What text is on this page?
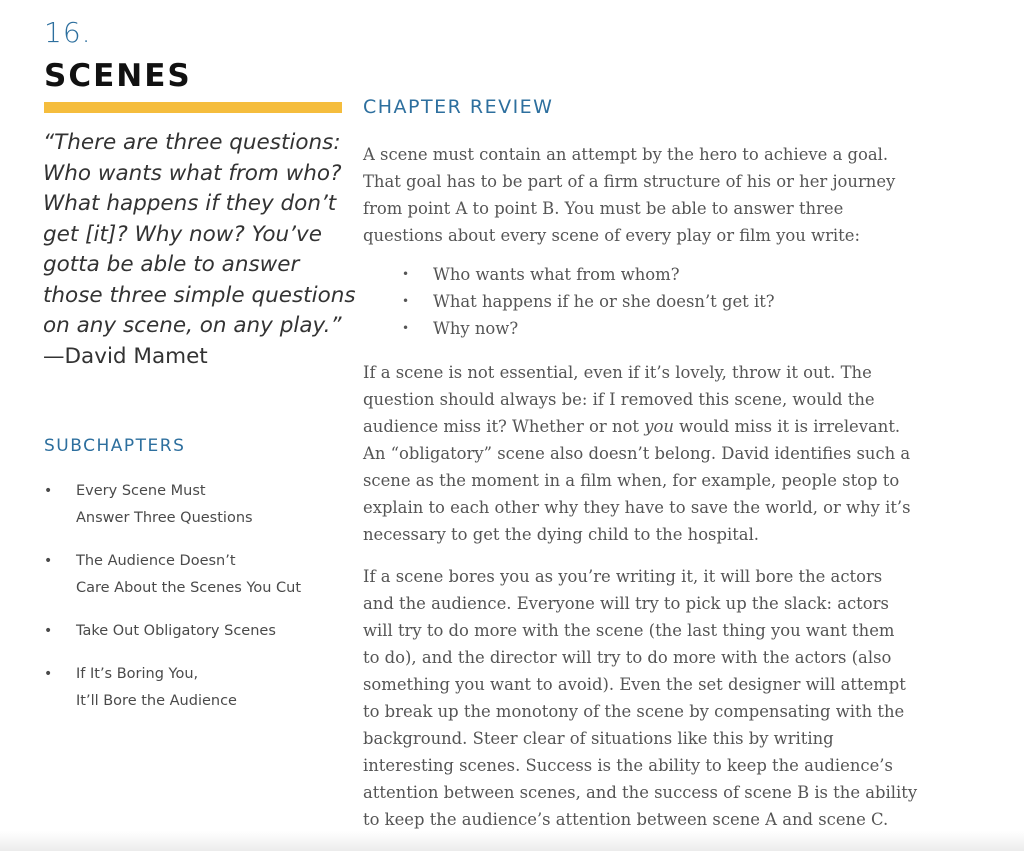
16.
SCENES
“There are three questions:
Who wants what from who?
What happens if they don’t
get [it]? Why now? You’ve
gotta be able to answer
those three simple questions
on any scene, on any play.”
—David Mamet
SUBCHAPTERS
• Every Scene Must
Answer Three Questions
• The Audience Doesn’t
Care About the Scenes You Cut
• Take Out Obligatory Scenes
• If It’s Boring You,
It’ll Bore the Audience
CHAPTER REVIEW
A scene must contain an attempt by the hero to achieve a goal.
That goal has to be part of a firm structure of his or her journey
from point A to point B. You must be able to answer three
questions about every scene of every play or film you write:
• Who wants what from whom?
• What happens if he or she doesn’t get it?
• Why now?
If a scene is not essential, even if it’s lovely, throw it out. The
question should always be: if I removed this scene, would the
audience miss it? Whether or not you would miss it is irrelevant.
An “obligatory” scene also doesn’t belong. David identifies such a
scene as the moment in a film when, for example, people stop to
explain to each other why they have to save the world, or why it’s
necessary to get the dying child to the hospital.
If a scene bores you as you’re writing it, it will bore the actors
and the audience. Everyone will try to pick up the slack: actors
will try to do more with the scene (the last thing you want them
to do), and the director will try to do more with the actors (also
something you want to avoid). Even the set designer will attempt
to break up the monotony of the scene by compensating with the
background. Steer clear of situations like this by writing
interesting scenes. Success is the ability to keep the audience’s
attention between scenes, and the success of scene B is the ability
to keep the audience’s attention between scene A and scene C.
